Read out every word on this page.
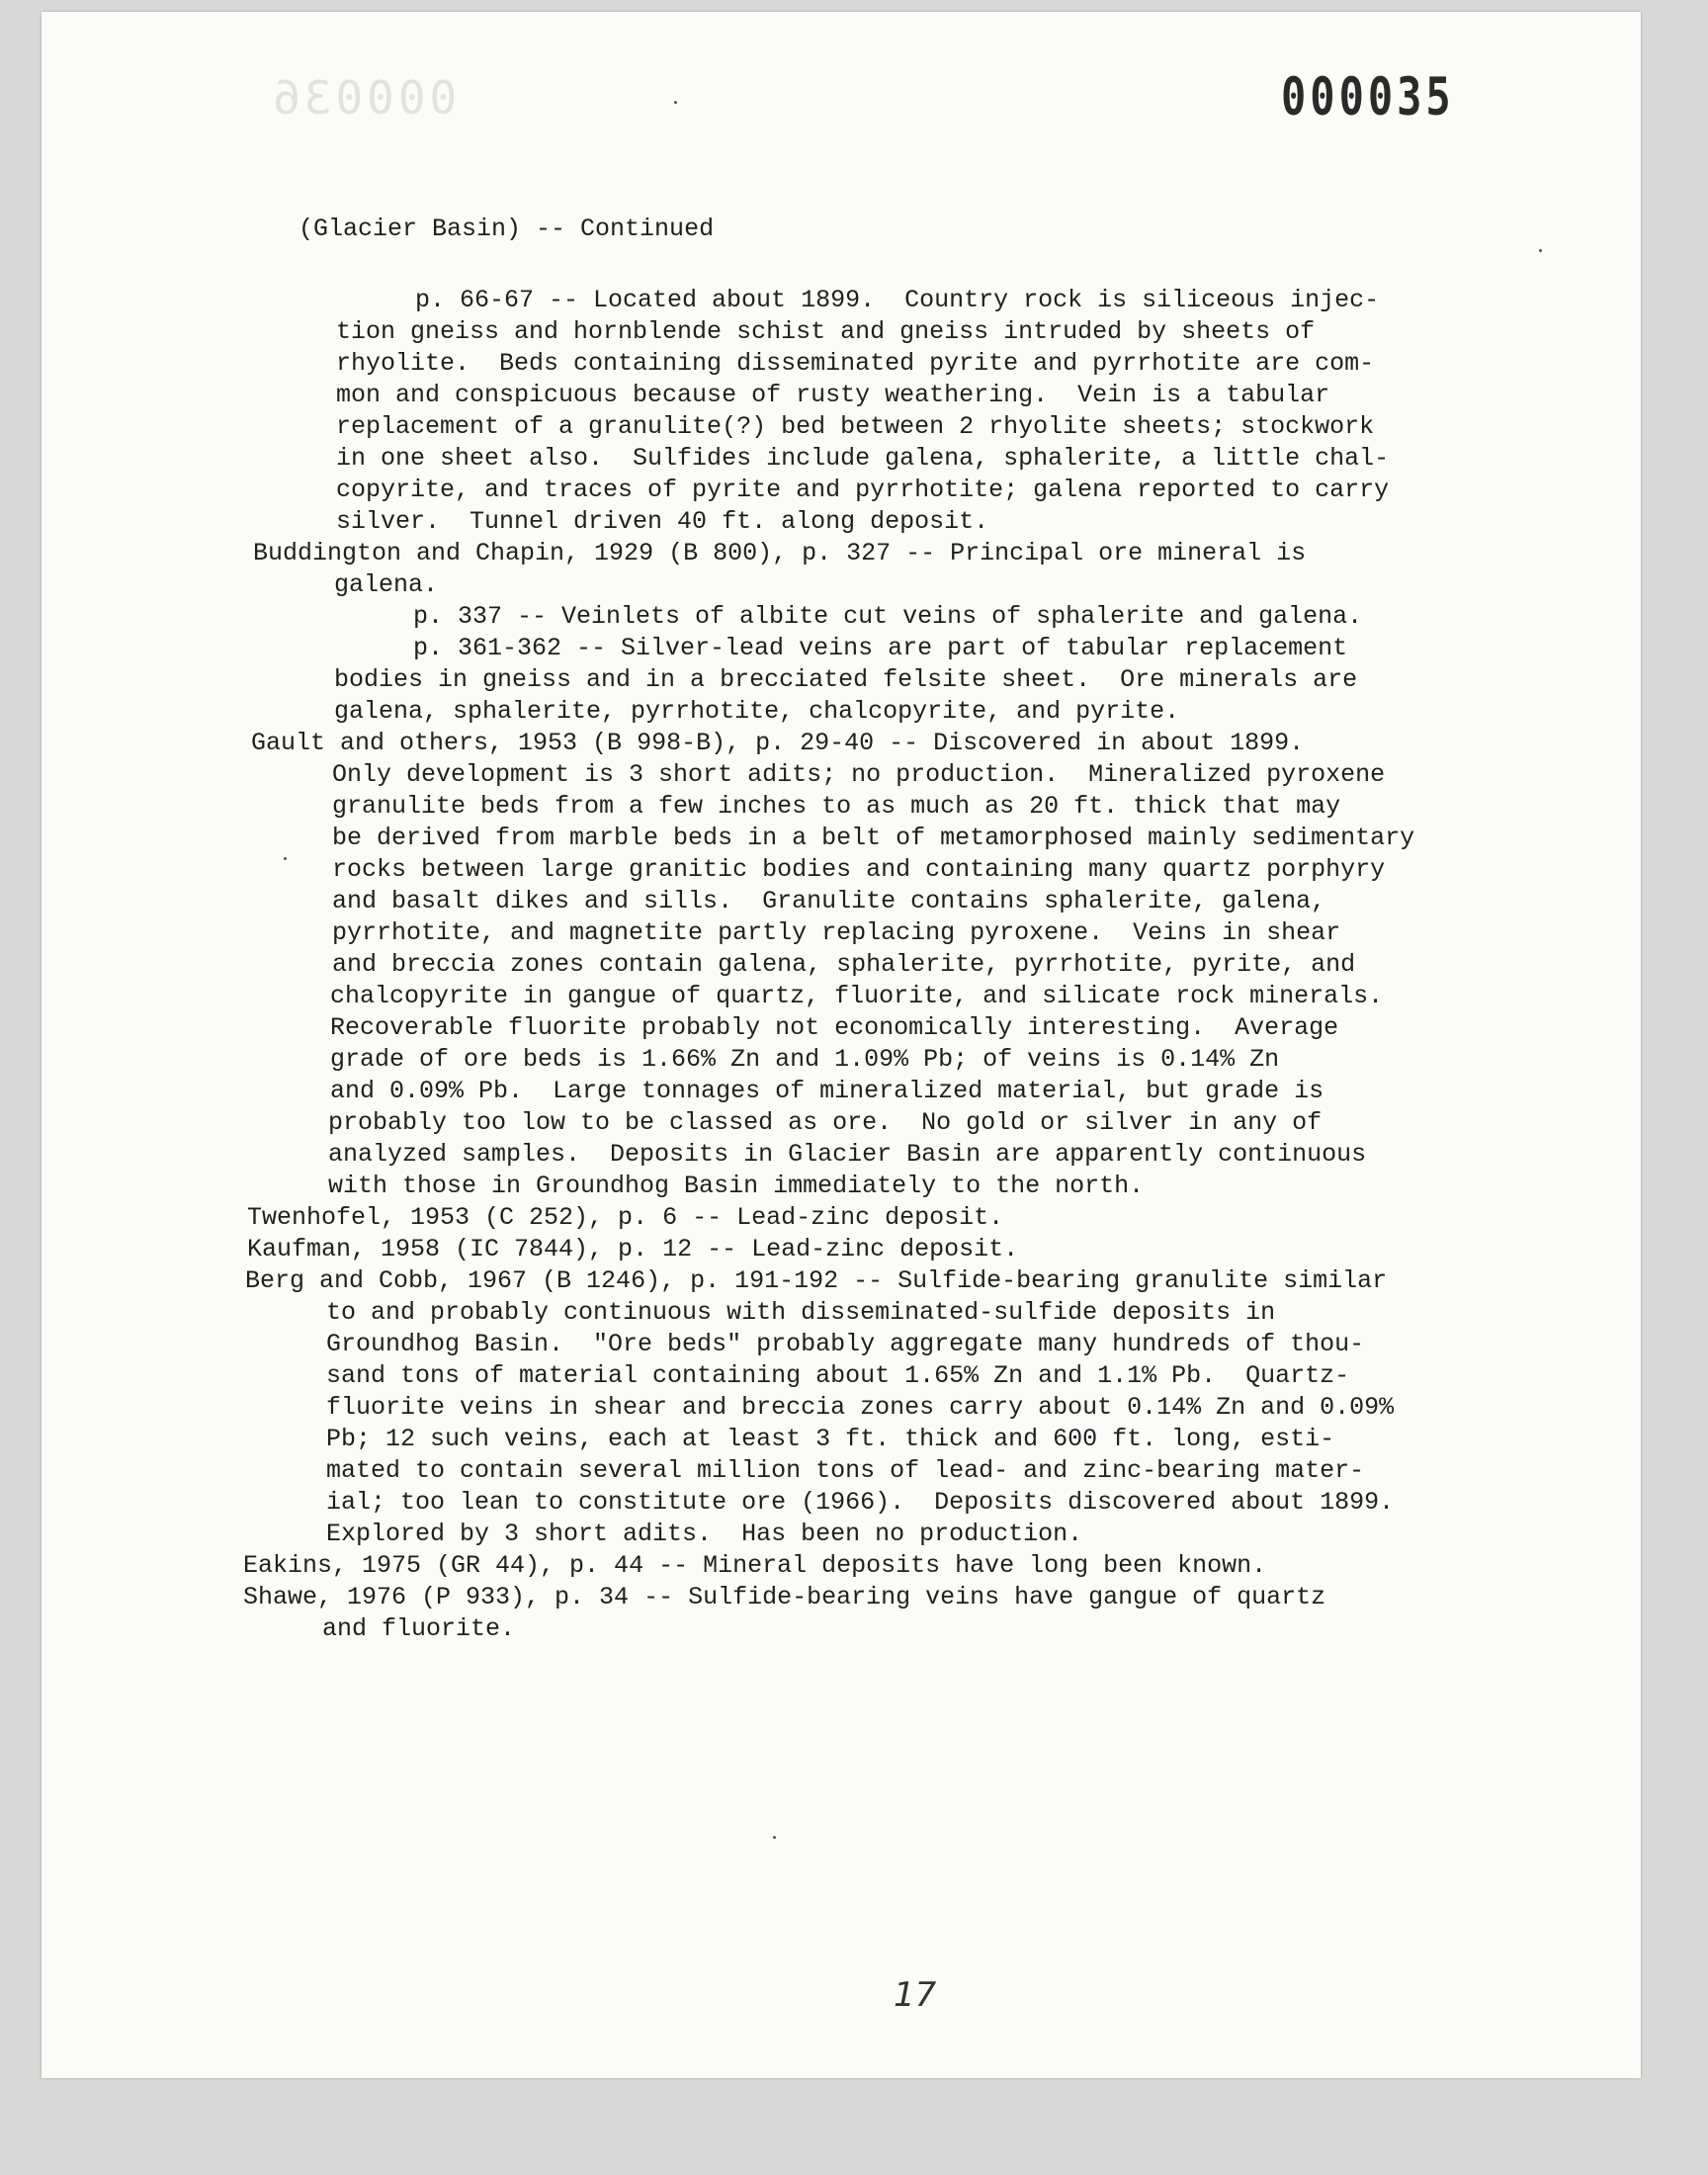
000036	000035
(Glacier Basin) -- Continued
p. 66-67 -- Located about 1899.  Country rock is siliceous injec-
tion gneiss and hornblende schist and gneiss intruded by sheets of
rhyolite.  Beds containing disseminated pyrite and pyrrhotite are com-
mon and conspicuous because of rusty weathering.  Vein is a tabular
replacement of a granulite(?) bed between 2 rhyolite sheets; stockwork
in one sheet also.  Sulfides include galena, sphalerite, a little chal-
copyrite, and traces of pyrite and pyrrhotite; galena reported to carry
silver.  Tunnel driven 40 ft. along deposit.
Buddington and Chapin, 1929 (B 800), p. 327 -- Principal ore mineral is
galena.
p. 337 -- Veinlets of albite cut veins of sphalerite and galena.
p. 361-362 -- Silver-lead veins are part of tabular replacement
bodies in gneiss and in a brecciated felsite sheet.  Ore minerals are
galena, sphalerite, pyrrhotite, chalcopyrite, and pyrite.
Gault and others, 1953 (B 998-B), p. 29-40 -- Discovered in about 1899.
Only development is 3 short adits; no production.  Mineralized pyroxene
granulite beds from a few inches to as much as 20 ft. thick that may
be derived from marble beds in a belt of metamorphosed mainly sedimentary
rocks between large granitic bodies and containing many quartz porphyry
and basalt dikes and sills.  Granulite contains sphalerite, galena,
pyrrhotite, and magnetite partly replacing pyroxene.  Veins in shear
and breccia zones contain galena, sphalerite, pyrrhotite, pyrite, and
chalcopyrite in gangue of quartz, fluorite, and silicate rock minerals.
Recoverable fluorite probably not economically interesting.  Average
grade of ore beds is 1.66% Zn and 1.09% Pb; of veins is 0.14% Zn
and 0.09% Pb.  Large tonnages of mineralized material, but grade is
probably too low to be classed as ore.  No gold or silver in any of
analyzed samples.  Deposits in Glacier Basin are apparently continuous
with those in Groundhog Basin immediately to the north.
Twenhofel, 1953 (C 252), p. 6 -- Lead-zinc deposit.
Kaufman, 1958 (IC 7844), p. 12 -- Lead-zinc deposit.
Berg and Cobb, 1967 (B 1246), p. 191-192 -- Sulfide-bearing granulite similar
to and probably continuous with disseminated-sulfide deposits in
Groundhog Basin.  "Ore beds" probably aggregate many hundreds of thou-
sand tons of material containing about 1.65% Zn and 1.1% Pb.  Quartz-
fluorite veins in shear and breccia zones carry about 0.14% Zn and 0.09%
Pb; 12 such veins, each at least 3 ft. thick and 600 ft. long, esti-
mated to contain several million tons of lead- and zinc-bearing mater-
ial; too lean to constitute ore (1966).  Deposits discovered about 1899.
Explored by 3 short adits.  Has been no production.
Eakins, 1975 (GR 44), p. 44 -- Mineral deposits have long been known.
Shawe, 1976 (P 933), p. 34 -- Sulfide-bearing veins have gangue of quartz
and fluorite.
17
